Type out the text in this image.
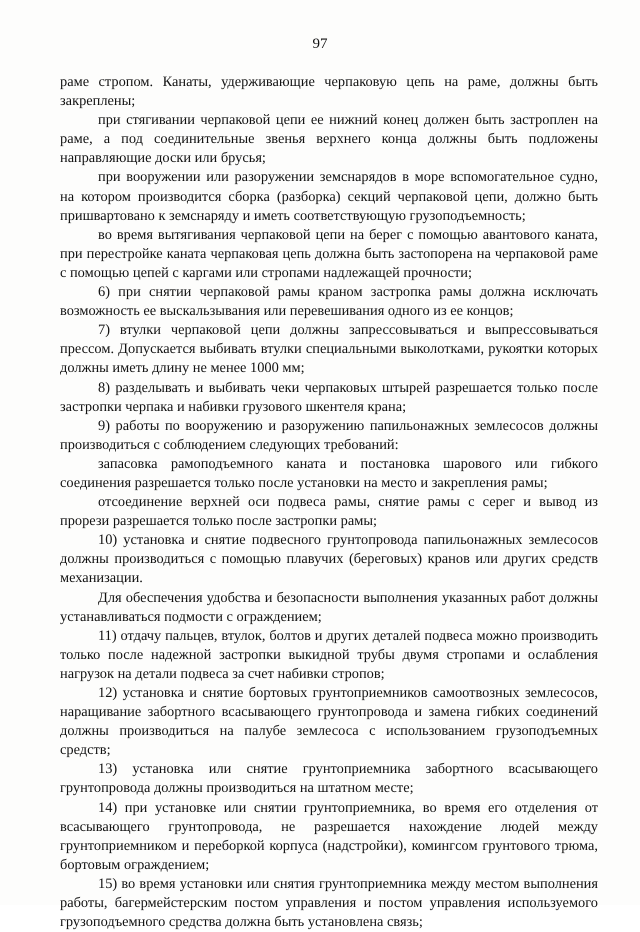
97

раме стропом. Канаты, удерживающие черпаковую цепь на раме, должны быть закреплены;

при стягивании черпаковой цепи ее нижний конец должен быть застроплен на раме, а под соединительные звенья верхнего конца должны быть подложены направляющие доски или брусья;

при вооружении или разоружении земснарядов в море вспомогательное судно, на котором производится сборка (разборка) секций черпаковой цепи, должно быть пришвартовано к земснаряду и иметь соответствующую грузоподъемность;

во время вытягивания черпаковой цепи на берег с помощью авантового каната, при перестройке каната черпаковая цепь должна быть застопорена на черпаковой раме с помощью цепей с каргами или стропами надлежащей прочности;

6) при снятии черпаковой рамы краном застропка рамы должна исключать возможность ее выскальзывания или перевешивания одного из ее концов;

7) втулки черпаковой цепи должны запрессовываться и выпрессовываться прессом. Допускается выбивать втулки специальными выколотками, рукоятки которых должны иметь длину не менее 1000 мм;

8) разделывать и выбивать чеки черпаковых штырей разрешается только после застропки черпака и набивки грузового шкентеля крана;

9) работы по вооружению и разоружению папильонажных землесосов должны производиться с соблюдением следующих требований:

запасовка рамоподъемного каната и постановка шарового или гибкого соединения разрешается только после установки на место и закрепления рамы;

отсоединение верхней оси подвеса рамы, снятие рамы с серег и вывод из прорези разрешается только после застропки рамы;

10) установка и снятие подвесного грунтопровода папильонажных землесосов должны производиться с помощью плавучих (береговых) кранов или других средств механизации.

Для обеспечения удобства и безопасности выполнения указанных работ должны устанавливаться подмости с ограждением;

11) отдачу пальцев, втулок, болтов и других деталей подвеса можно производить только после надежной застропки выкидной трубы двумя стропами и ослабления нагрузок на детали подвеса за счет набивки стропов;

12) установка и снятие бортовых грунтоприемников самоотвозных землесосов, наращивание забортного всасывающего грунтопровода и замена гибких соединений должны производиться на палубе землесоса с использованием грузоподъемных средств;

13) установка или снятие грунтоприемника забортного всасывающего грунтопровода должны производиться на штатном месте;

14) при установке или снятии грунтоприемника, во время его отделения от всасывающего грунтопровода, не разрешается нахождение людей между грунтоприемником и переборкой корпуса (надстройки), комингсом грунтового трюма, бортовым ограждением;

15) во время установки или снятия грунтоприемника между местом выполнения работы, багермейстерским постом управления и постом управления используемого грузоподъемного средства должна быть установлена связь;
